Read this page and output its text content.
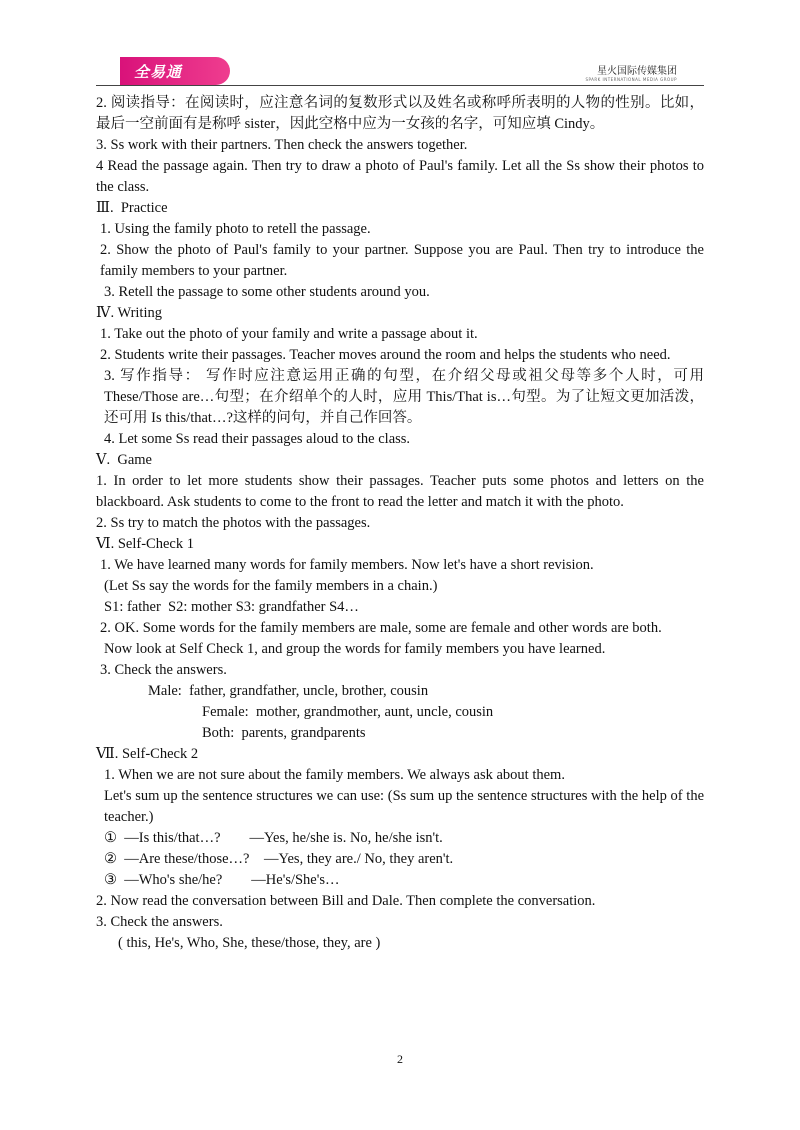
全易通	星火国际传媒集团
SPARK INTERNATIONAL MEDIA GROUP
2. 阅读指导：在阅读时，应注意名词的复数形式以及姓名或称呼所表明的人物的性别。比如，最后一空前面有是称呼 sister，因此空格中应为一女孩的名字，可知应填 Cindy。
3. Ss work with their partners. Then check the answers together.
4 Read the passage again. Then try to draw a photo of Paul's family. Let all the Ss show their photos to the class.
Ⅲ.  Practice
1. Using the family photo to retell the passage.
2. Show the photo of Paul's family to your partner. Suppose you are Paul. Then try to introduce the family members to your partner.
3. Retell the passage to some other students around you.
Ⅳ. Writing
1. Take out the photo of your family and write a passage about it.
2. Students write their passages. Teacher moves around the room and helps the students who need.
3. 写作指导： 写作时应注意运用正确的句型，在介绍父母或祖父母等多个人时，可用 These/Those are…句型；在介绍单个的人时，应用 This/That is…句型。为了让短文更加活泼，还可用 Is this/that…?这样的问句，并自己作回答。
4. Let some Ss read their passages aloud to the class.
Ⅴ.  Game
1. In order to let more students show their passages. Teacher puts some photos and letters on the blackboard. Ask students to come to the front to read the letter and match it with the photo.
2. Ss try to match the photos with the passages.
Ⅵ. Self-Check 1
1. We have learned many words for family members. Now let's have a short revision.
(Let Ss say the words for the family members in a chain.)
S1: father  S2: mother S3: grandfather S4…
2. OK. Some words for the family members are male, some are female and other words are both.
Now look at Self Check 1, and group the words for family members you have learned.
3. Check the answers.
Male:  father, grandfather, uncle, brother, cousin
Female:  mother, grandmother, aunt, uncle, cousin
Both:  parents, grandparents
Ⅶ. Self-Check 2
1. When we are not sure about the family members. We always ask about them.
Let's sum up the sentence structures we can use: (Ss sum up the sentence structures with the help of the teacher.)
①  —Is this/that…?        —Yes, he/she is. No, he/she isn't.
②  —Are these/those…?    —Yes, they are./ No, they aren't.
③  —Who's she/he?        —He's/She's…
2. Now read the conversation between Bill and Dale. Then complete the conversation.
3. Check the answers.
( this, He's, Who, She, these/those, they, are )
2
